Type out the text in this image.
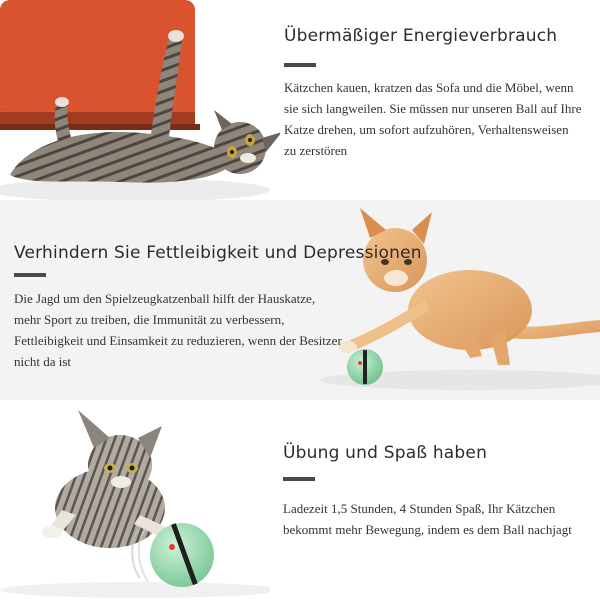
Übermäßiger Energieverbrauch
Kätzchen kauen, kratzen das Sofa und die Möbel, wenn sie sich langweilen. Sie müssen nur unseren Ball auf Ihre Katze drehen, um sofort aufzuhören, Verhaltensweisen zu zerstören
Verhindern Sie Fettleibigkeit und Depressionen
Die Jagd um den Spielzeugkatzenball hilft der Hauskatze, mehr Sport zu treiben, die Immunität zu verbessern, Fettleibigkeit und Einsamkeit zu reduzieren, wenn der Besitzer nicht da ist
Übung und Spaß haben
Ladezeit 1,5 Stunden, 4 Stunden Spaß, Ihr Kätzchen bekommt mehr Bewegung, indem es dem Ball nachjagt
